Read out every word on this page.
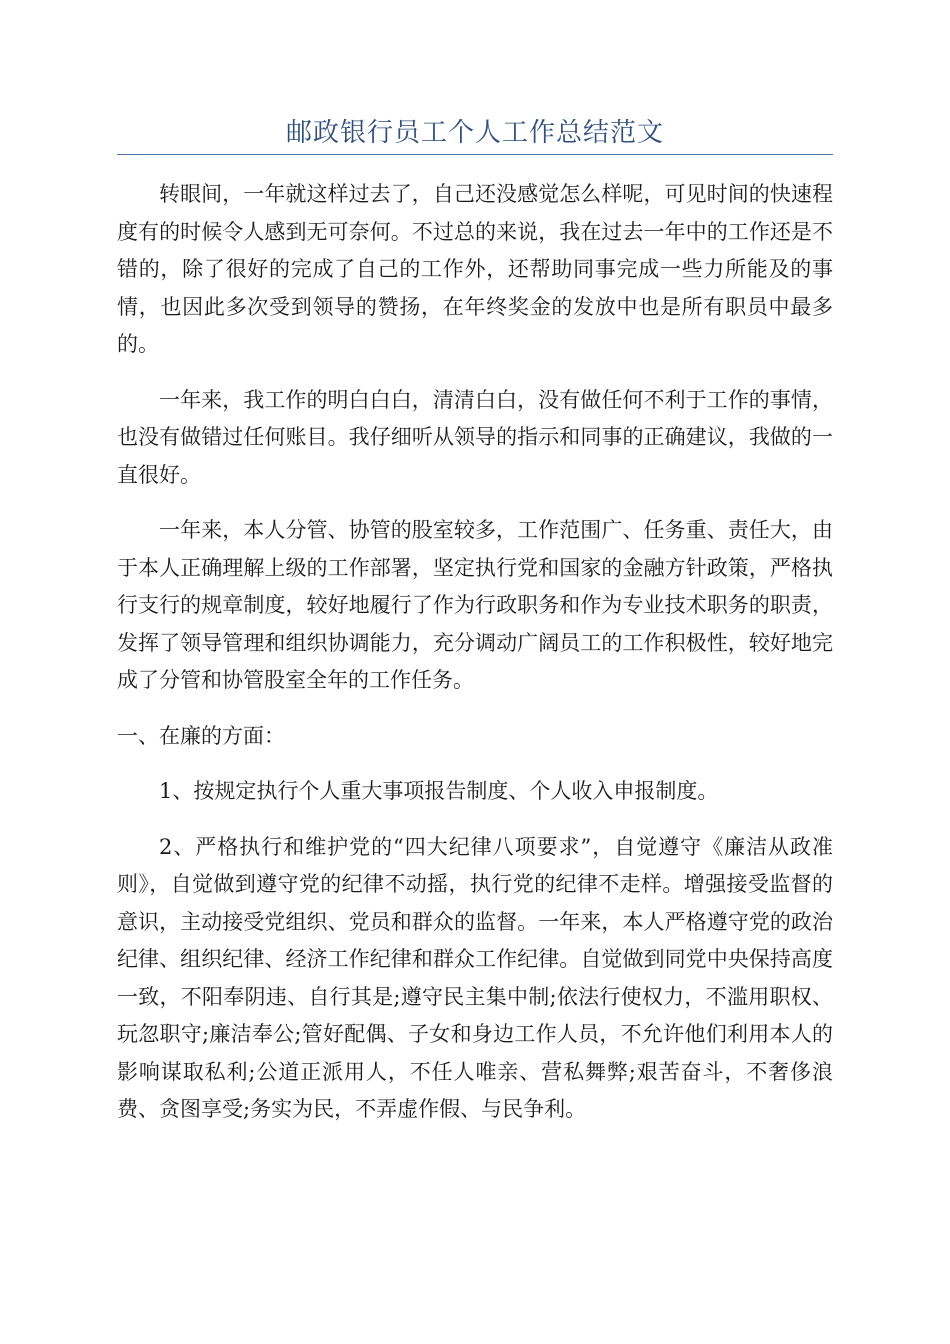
邮政银行员工个人工作总结范文

转眼间，一年就这样过去了，自己还没感觉怎么样呢，可见时间的快速程度有的时候令人感到无可奈何。不过总的来说，我在过去一年中的工作还是不错的，除了很好的完成了自己的工作外，还帮助同事完成一些力所能及的事情，也因此多次受到领导的赞扬，在年终奖金的发放中也是所有职员中最多的。

一年来，我工作的明白白白，清清白白，没有做任何不利于工作的事情，也没有做错过任何账目。我仔细听从领导的指示和同事的正确建议，我做的一直很好。

一年来，本人分管、协管的股室较多，工作范围广、任务重、责任大，由于本人正确理解上级的工作部署，坚定执行党和国家的金融方针政策，严格执行支行的规章制度，较好地履行了作为行政职务和作为专业技术职务的职责，发挥了领导管理和组织协调能力，充分调动广阔员工的工作积极性，较好地完成了分管和协管股室全年的工作任务。

一、在廉的方面：

1、按规定执行个人重大事项报告制度、个人收入申报制度。

2、严格执行和维护党的“四大纪律八项要求”，自觉遵守《廉洁从政准则》，自觉做到遵守党的纪律不动摇，执行党的纪律不走样。增强接受监督的意识，主动接受党组织、党员和群众的监督。一年来，本人严格遵守党的政治纪律、组织纪律、经济工作纪律和群众工作纪律。自觉做到同党中央保持高度一致，不阳奉阴违、自行其是;遵守民主集中制;依法行使权力，不滥用职权、玩忽职守;廉洁奉公;管好配偶、子女和身边工作人员，不允许他们利用本人的影响谋取私利;公道正派用人，不任人唯亲、营私舞弊;艰苦奋斗，不奢侈浪费、贪图享受;务实为民，不弄虚作假、与民争利。
